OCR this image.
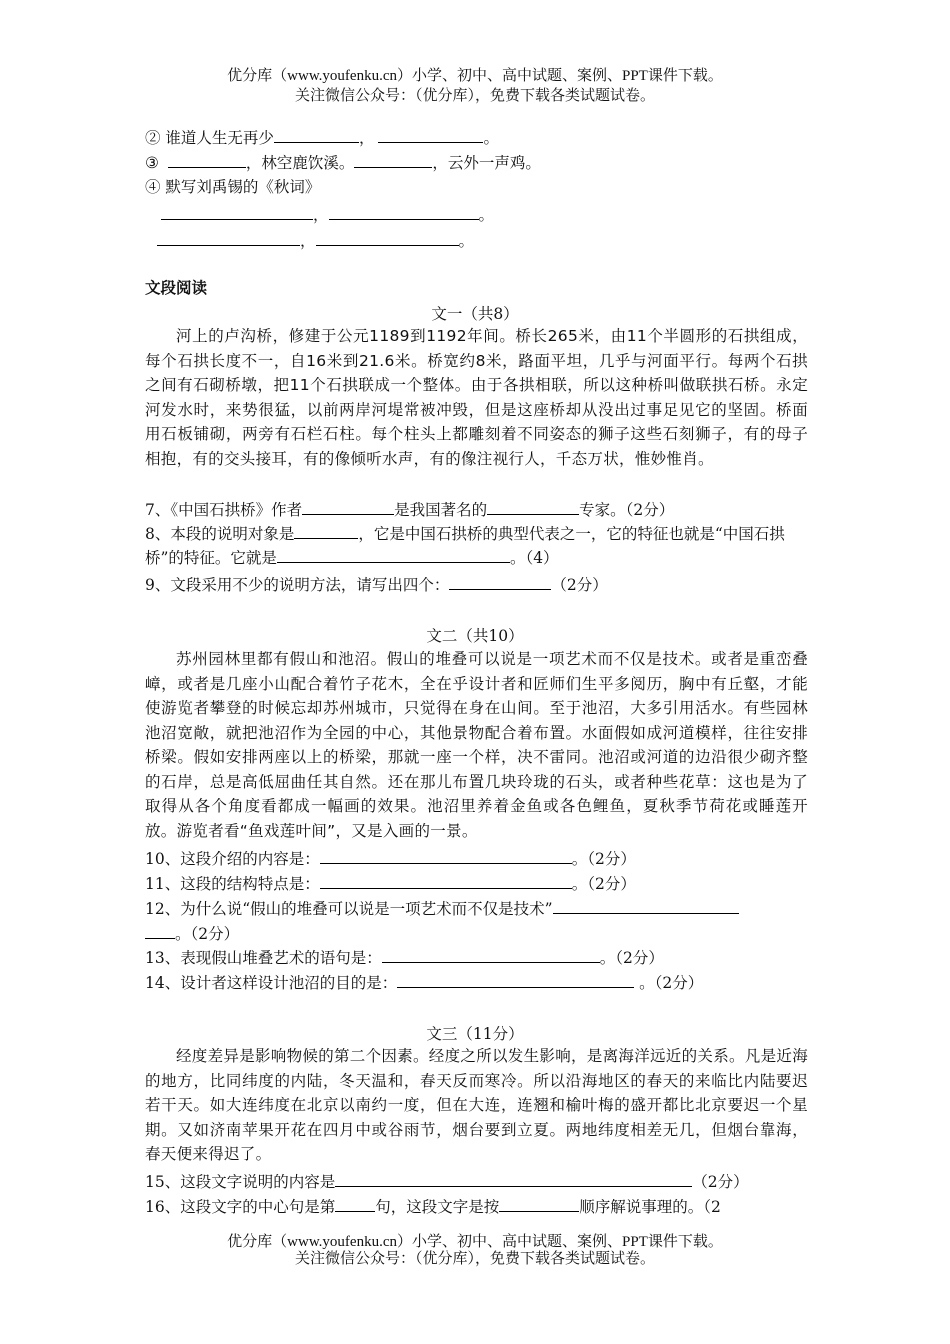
优分库（www.youfenku.cn）小学、初中、高中试题、案例、PPT课件下载。
关注微信公众号：（优分库），免费下载各类试题试卷。
② 谁道人生无再少	，	。
③	，林空鹿饮溪。	，云外一声鸡。
④ 默写刘禹锡的《秋词》
，	。
，	。
文段阅读
文一（共8）
河上的卢沟桥，修建于公元1189到1192年间。桥长265米，由11个半圆形的石拱组成，每个石拱长度不一，自16米到21.6米。桥宽约8米，路面平坦，几乎与河面平行。每两个石拱之间有石砌桥墩，把11个石拱联成一个整体。由于各拱相联，所以这种桥叫做联拱石桥。永定河发水时，来势很猛，以前两岸河堤常被冲毁，但是这座桥却从没出过事足见它的坚固。桥面用石板铺砌，两旁有石栏石柱。每个柱头上都雕刻着不同姿态的狮子这些石刻狮子，有的母子相抱，有的交头接耳，有的像倾听水声，有的像注视行人，千态万状，惟妙惟肖。
7、《中国石拱桥》作者	是我国著名的	专家。（2分）
8、本段的说明对象是	，它是中国石拱桥的典型代表之一，它的特征也就是“中国石拱桥”的特征。它就是	。（4）
9、文段采用不少的说明方法，请写出四个：	（2分）
文二（共10）
苏州园林里都有假山和池沼。假山的堆叠可以说是一项艺术而不仅是技术。或者是重峦叠嶂，或者是几座小山配合着竹子花木，全在乎设计者和匠师们生平多阅历，胸中有丘壑，才能使游览者攀登的时候忘却苏州城市，只觉得在身在山间。至于池沼，大多引用活水。有些园林池沼宽敞，就把池沼作为全园的中心，其他景物配合着布置。水面假如成河道模样，往往安排桥梁。假如安排两座以上的桥梁，那就一座一个样，决不雷同。池沼或河道的边沿很少砌齐整的石岸，总是高低屈曲任其自然。还在那儿布置几块玲珑的石头，或者种些花草：这也是为了取得从各个角度看都成一幅画的效果。池沼里养着金鱼或各色鲤鱼，夏秋季节荷花或睡莲开放。游览者看“鱼戏莲叶间”，又是入画的一景。
10、这段介绍的内容是：	。（2分）
11、这段的结构特点是：	。（2分）
12、为什么说“假山的堆叠可以说是一项艺术而不仅是技术”
。（2分）
13、表现假山堆叠艺术的语句是：	。（2分）
14、设计者这样设计池沼的目的是：	。（2分）
文三（11分）
经度差异是影响物候的第二个因素。经度之所以发生影响，是离海洋远近的关系。凡是近海的地方，比同纬度的内陆，冬天温和，春天反而寒冷。所以沿海地区的春天的来临比内陆要迟若干天。如大连纬度在北京以南约一度，但在大连，连翘和榆叶梅的盛开都比北京要迟一个星期。又如济南苹果开花在四月中或谷雨节，烟台要到立夏。两地纬度相差无几，但烟台靠海，春天便来得迟了。
15、这段文字说明的内容是	（2分）
16、这段文字的中心句是第	句，这段文字是按	顺序解说事理的。（2
优分库（www.youfenku.cn）小学、初中、高中试题、案例、PPT课件下载。
关注微信公众号：（优分库），免费下载各类试题试卷。
